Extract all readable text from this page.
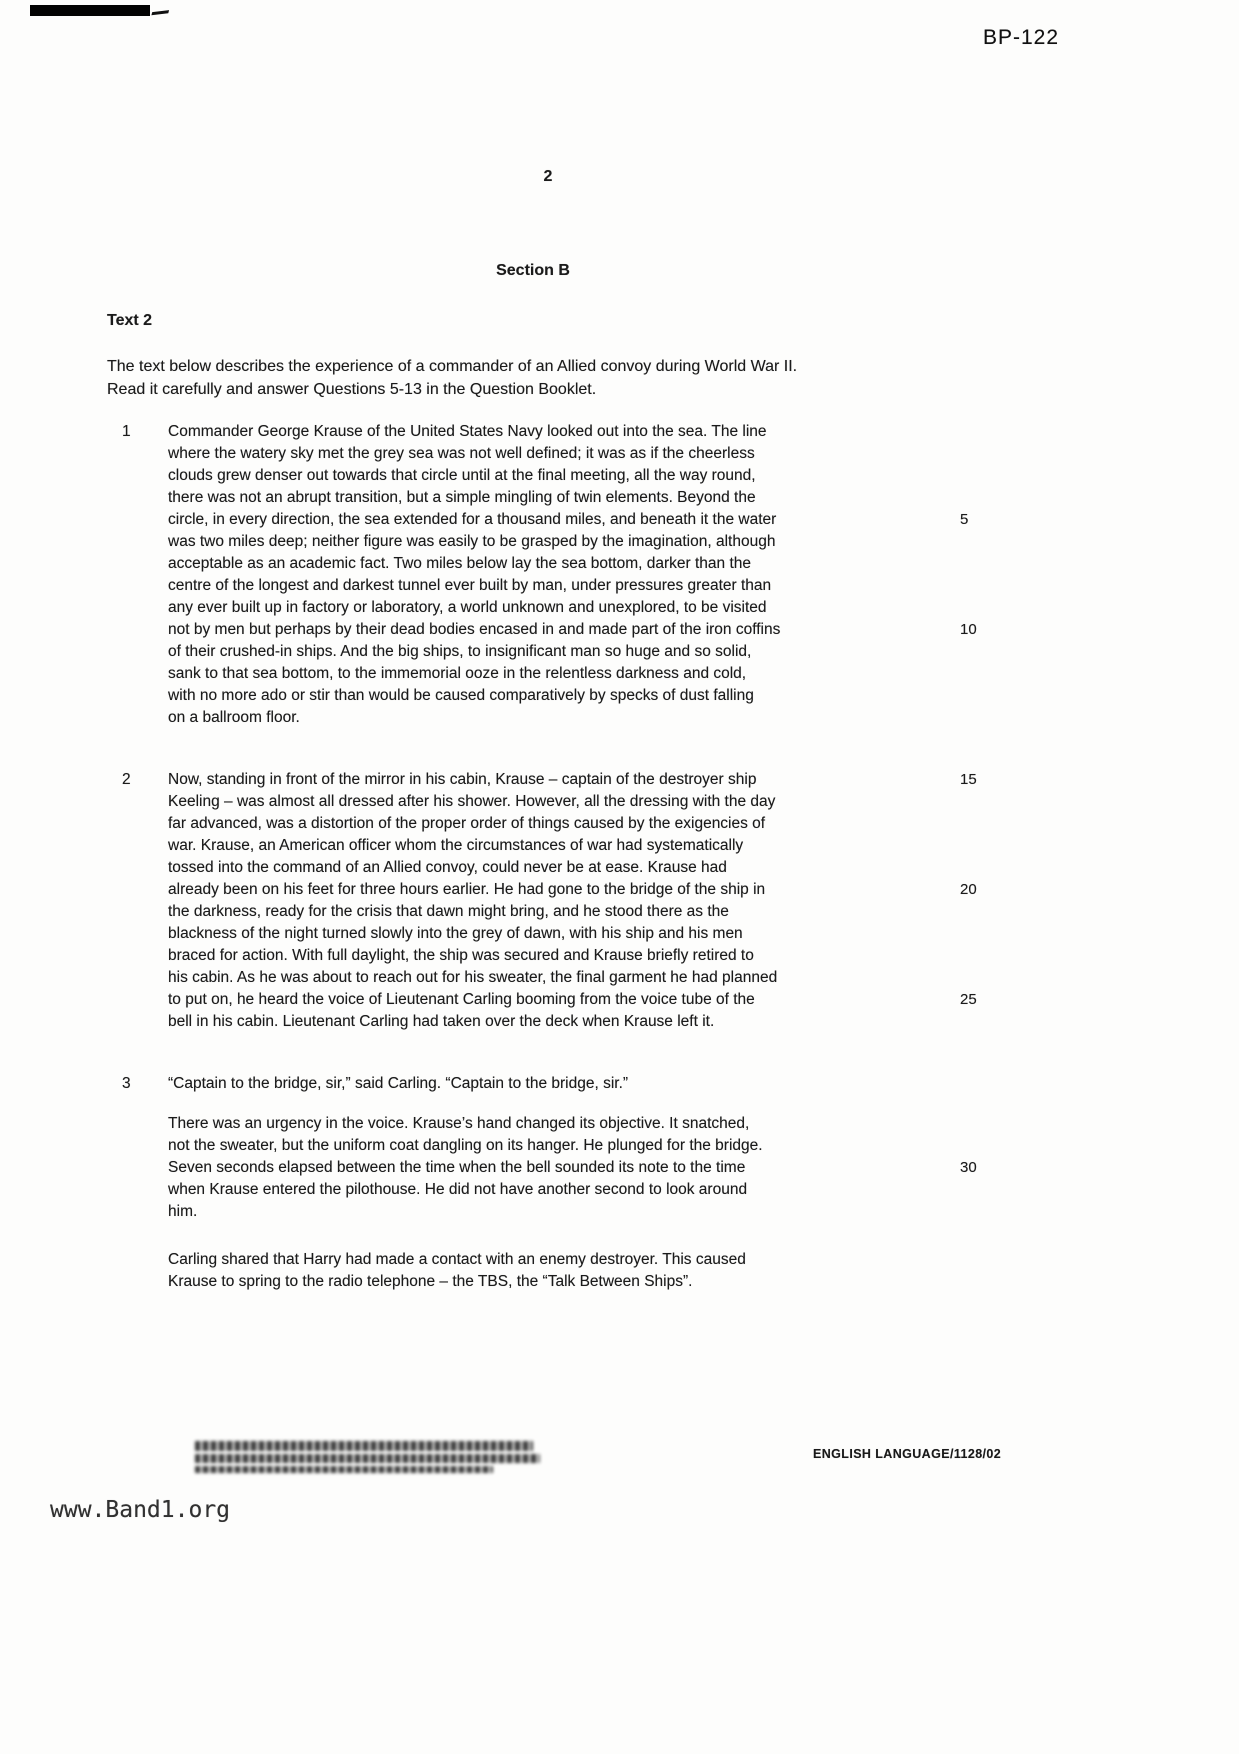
BP-122
2
Section B
Text 2
The text below describes the experience of a commander of an Allied convoy during World War II.
Read it carefully and answer Questions 5-13 in the Question Booklet.
1	Commander George Krause of the United States Navy looked out into the sea. The line
where the watery sky met the grey sea was not well defined; it was as if the cheerless
clouds grew denser out towards that circle until at the final meeting, all the way round,
there was not an abrupt transition, but a simple mingling of twin elements. Beyond the
circle, in every direction, the sea extended for a thousand miles, and beneath it the water
was two miles deep; neither figure was easily to be grasped by the imagination, although
acceptable as an academic fact. Two miles below lay the sea bottom, darker than the
centre of the longest and darkest tunnel ever built by man, under pressures greater than
any ever built up in factory or laboratory, a world unknown and unexplored, to be visited
not by men but perhaps by their dead bodies encased in and made part of the iron coffins
of their crushed-in ships. And the big ships, to insignificant man so huge and so solid,
sank to that sea bottom, to the immemorial ooze in the relentless darkness and cold,
with no more ado or stir than would be caused comparatively by specks of dust falling
on a ballroom floor.
5
10
2	Now, standing in front of the mirror in his cabin, Krause – captain of the destroyer ship
Keeling – was almost all dressed after his shower. However, all the dressing with the day
far advanced, was a distortion of the proper order of things caused by the exigencies of
war. Krause, an American officer whom the circumstances of war had systematically
tossed into the command of an Allied convoy, could never be at ease. Krause had
already been on his feet for three hours earlier. He had gone to the bridge of the ship in
the darkness, ready for the crisis that dawn might bring, and he stood there as the
blackness of the night turned slowly into the grey of dawn, with his ship and his men
braced for action. With full daylight, the ship was secured and Krause briefly retired to
his cabin. As he was about to reach out for his sweater, the final garment he had planned
to put on, he heard the voice of Lieutenant Carling booming from the voice tube of the
bell in his cabin. Lieutenant Carling had taken over the deck when Krause left it.
15
20
25
3	“Captain to the bridge, sir,” said Carling. “Captain to the bridge, sir.”
There was an urgency in the voice. Krause’s hand changed its objective. It snatched,
not the sweater, but the uniform coat dangling on its hanger. He plunged for the bridge.
Seven seconds elapsed between the time when the bell sounded its note to the time
when Krause entered the pilothouse. He did not have another second to look around
him.
30
Carling shared that Harry had made a contact with an enemy destroyer. This caused
Krause to spring to the radio telephone – the TBS, the “Talk Between Ships”.
ENGLISH LANGUAGE/1128/02
www.Band1.org
